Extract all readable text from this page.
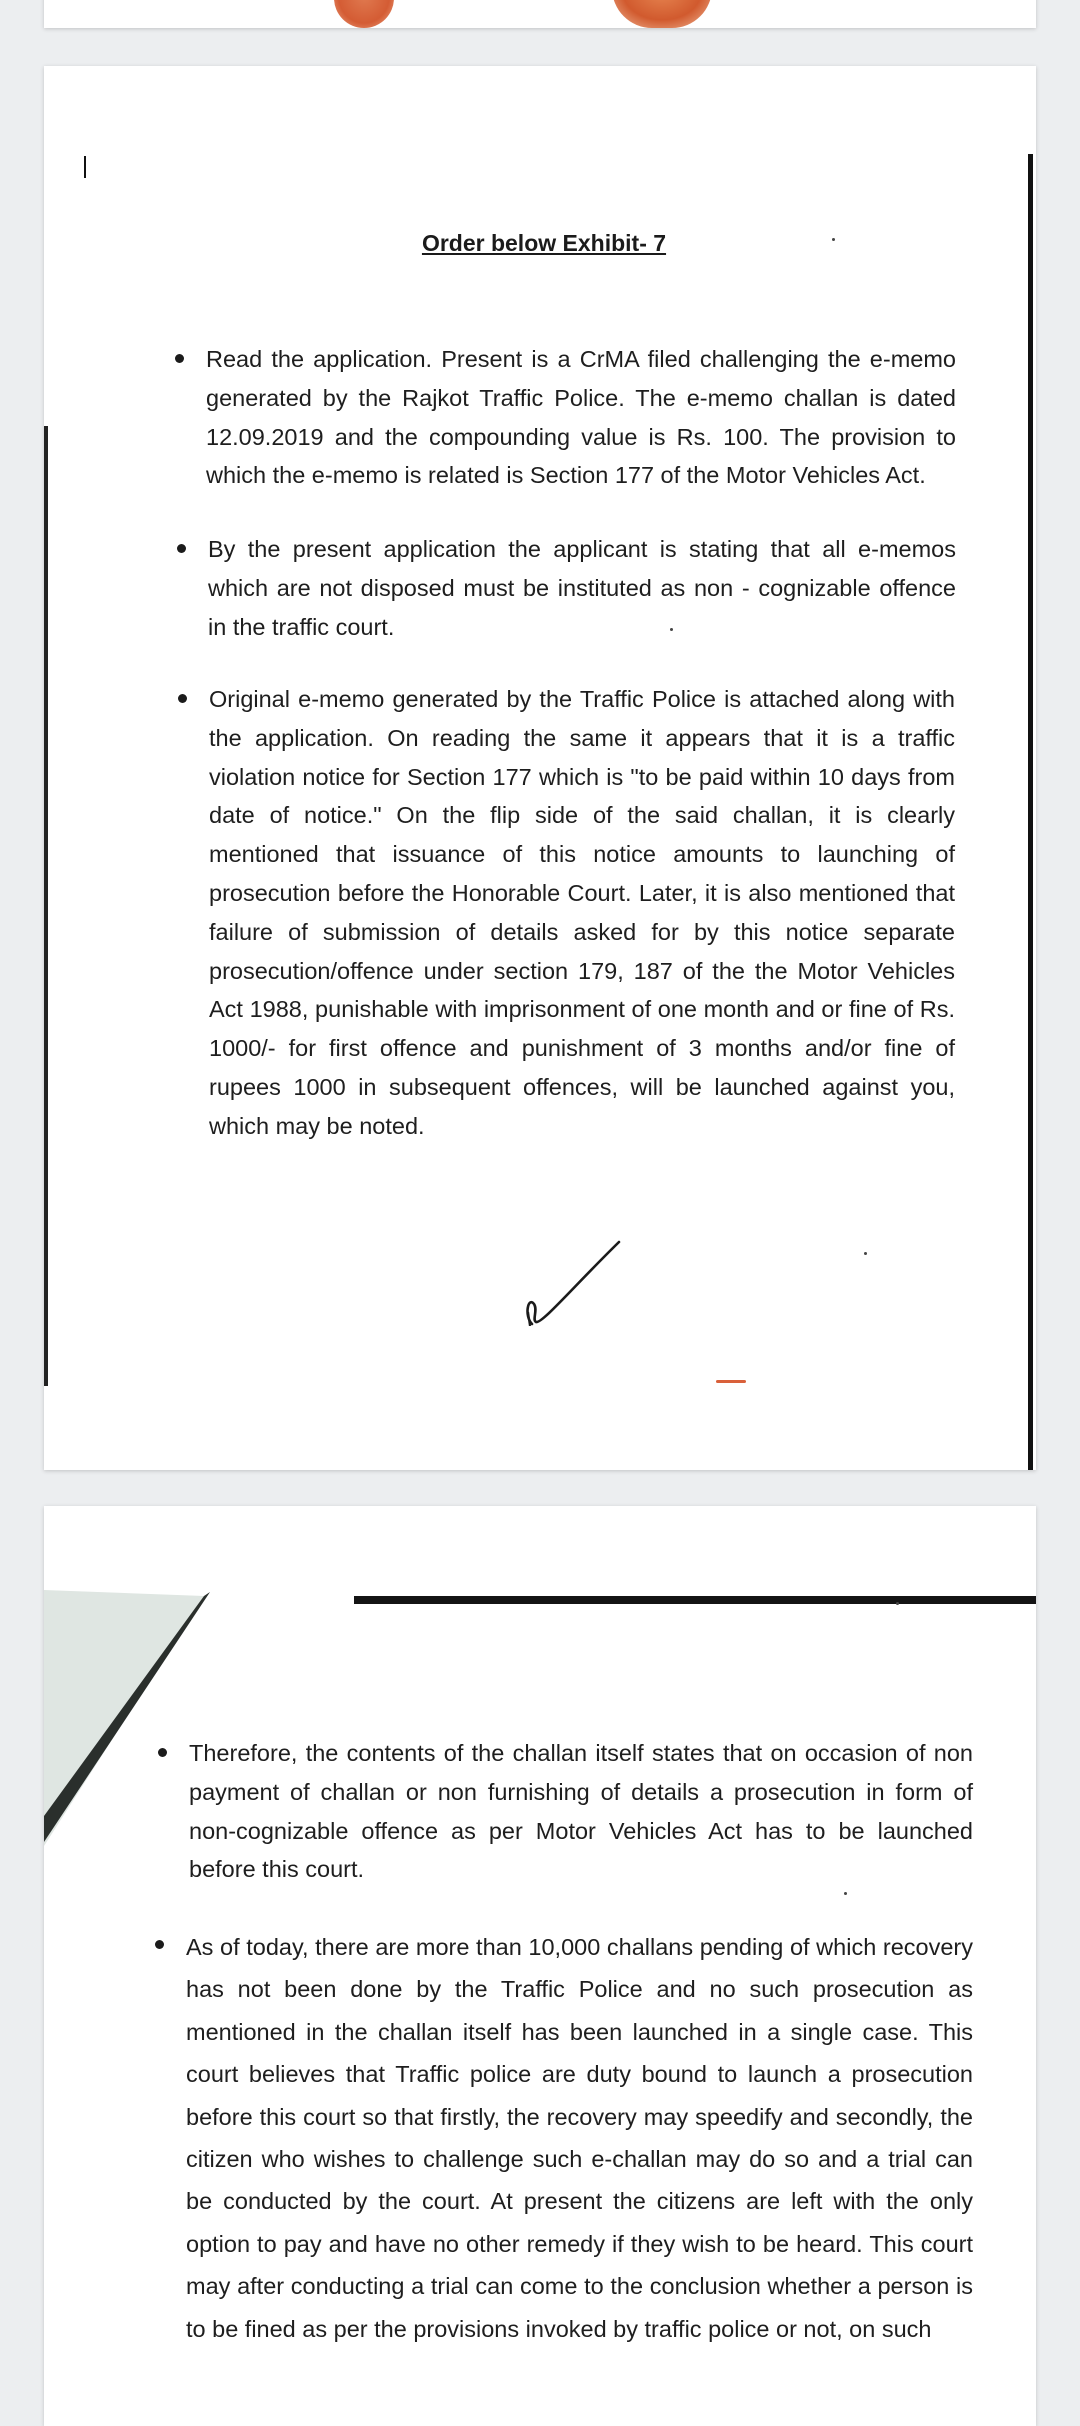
Order below Exhibit- 7
Read the application. Present is a CrMA filed challenging the e-memo generated by the Rajkot Traffic Police. The e-memo challan is dated 12.09.2019 and the compounding value is Rs. 100. The provision to which the e-memo is related is Section 177 of the Motor Vehicles Act.
By the present application the applicant is stating that all e-memos which are not disposed must be instituted as non - cognizable offence in the traffic court.
Original e-memo generated by the Traffic Police is attached along with the application. On reading the same it appears that it is a traffic violation notice for Section 177 which is "to be paid within 10 days from date of notice." On the flip side of the said challan, it is clearly mentioned that issuance of this notice amounts to launching of prosecution before the Honorable Court. Later, it is also mentioned that failure of submission of details asked for by this notice separate prosecution/offence under section 179, 187 of the the Motor Vehicles Act 1988, punishable with imprisonment of one month and or fine of Rs. 1000/- for first offence and punishment of 3 months and/or fine of rupees 1000 in subsequent offences, will be launched against you, which may be noted.
Therefore, the contents of the challan itself states that on occasion of non payment of challan or non furnishing of details a prosecution in form of non-cognizable offence as per Motor Vehicles Act has to be launched before this court.
As of today, there are more than 10,000 challans pending of which recovery has not been done by the Traffic Police and no such prosecution as mentioned in the challan itself has been launched in a single case. This court believes that Traffic police are duty bound to launch a prosecution before this court so that firstly, the recovery may speedify and secondly, the citizen who wishes to challenge such e-challan may do so and a trial can be conducted by the court. At present the citizens are left with the only option to pay and have no other remedy if they wish to be heard. This court may after conducting a trial can come to the conclusion whether a person is to be fined as per the provisions invoked by traffic police or not, on such
